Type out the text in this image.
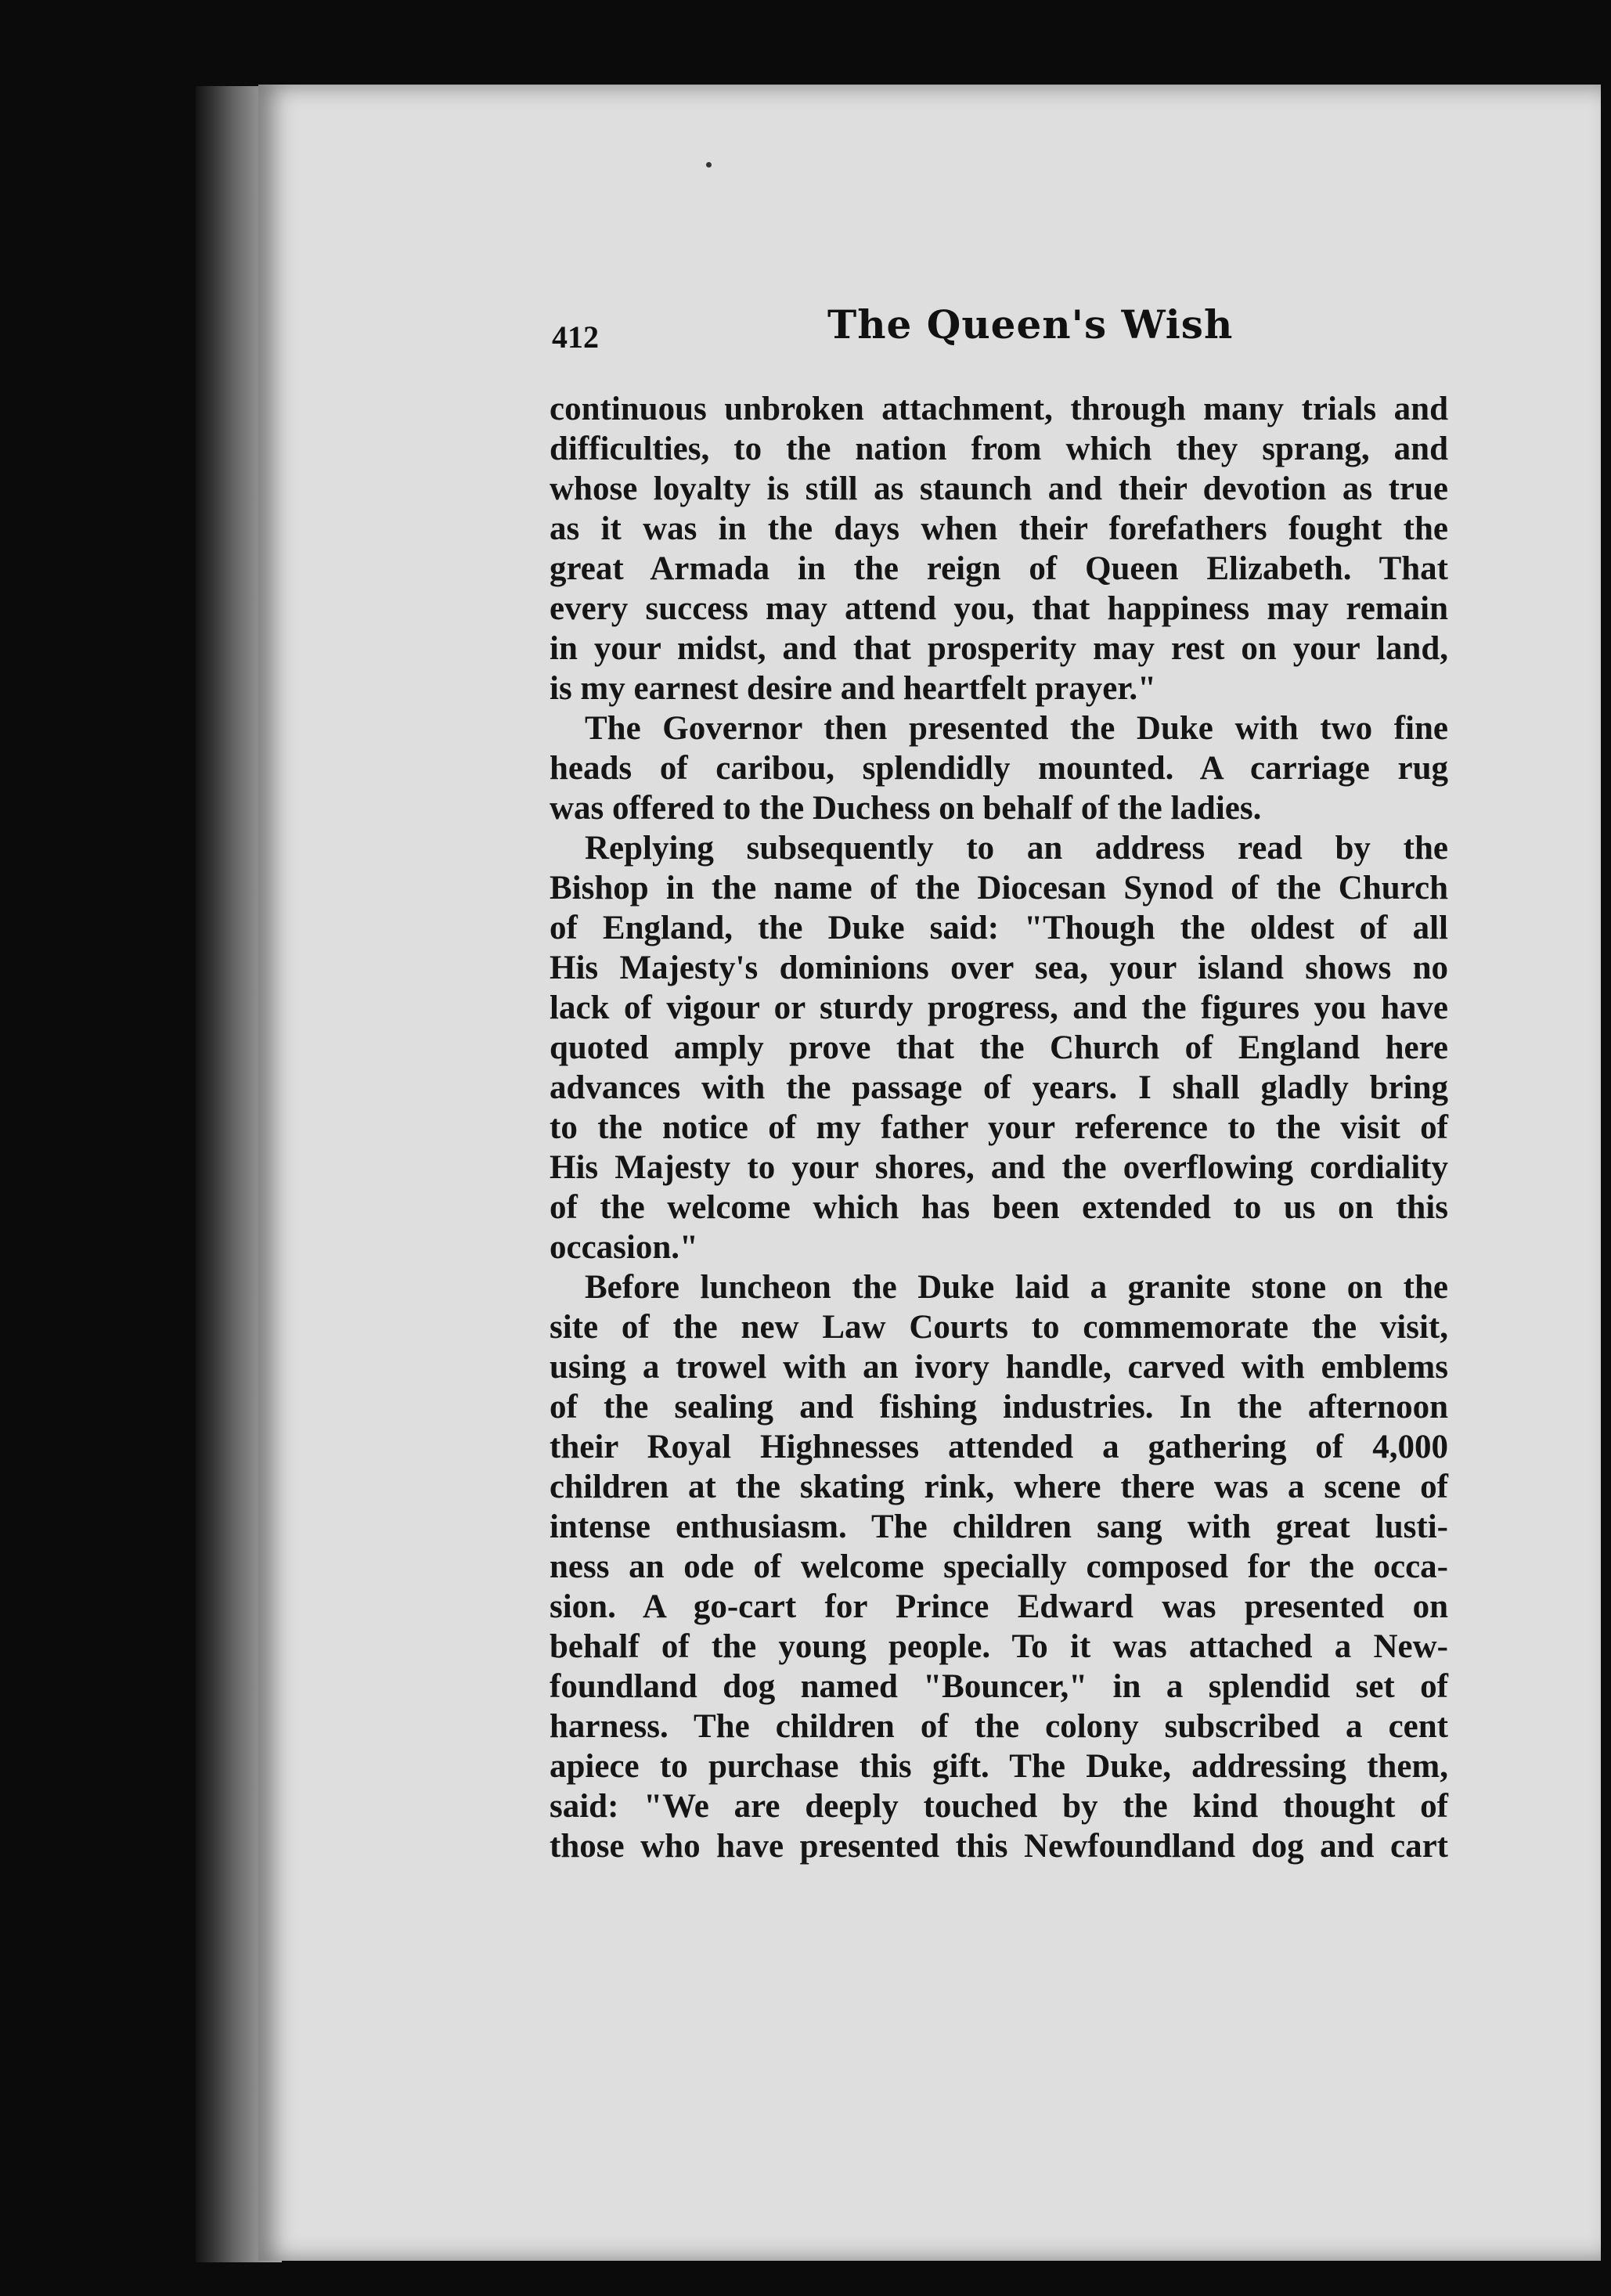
412	The Queen's Wish
continuous unbroken attachment, through many trials and
difficulties, to the nation from which they sprang, and
whose loyalty is still as staunch and their devotion as true
as it was in the days when their forefathers fought the
great Armada in the reign of Queen Elizabeth. That
every success may attend you, that happiness may remain
in your midst, and that prosperity may rest on your land,
is my earnest desire and heartfelt prayer."
The Governor then presented the Duke with two fine
heads of caribou, splendidly mounted. A carriage rug
was offered to the Duchess on behalf of the ladies.
Replying subsequently to an address read by the
Bishop in the name of the Diocesan Synod of the Church
of England, the Duke said: "Though the oldest of all
His Majesty's dominions over sea, your island shows no
lack of vigour or sturdy progress, and the figures you have
quoted amply prove that the Church of England here
advances with the passage of years. I shall gladly bring
to the notice of my father your reference to the visit of
His Majesty to your shores, and the overflowing cordiality
of the welcome which has been extended to us on this
occasion."
Before luncheon the Duke laid a granite stone on the
site of the new Law Courts to commemorate the visit,
using a trowel with an ivory handle, carved with emblems
of the sealing and fishing industries. In the afternoon
their Royal Highnesses attended a gathering of 4,000
children at the skating rink, where there was a scene of
intense enthusiasm. The children sang with great lusti-
ness an ode of welcome specially composed for the occa-
sion. A go-cart for Prince Edward was presented on
behalf of the young people. To it was attached a New-
foundland dog named "Bouncer," in a splendid set of
harness. The children of the colony subscribed a cent
apiece to purchase this gift. The Duke, addressing them,
said: "We are deeply touched by the kind thought of
those who have presented this Newfoundland dog and cart
